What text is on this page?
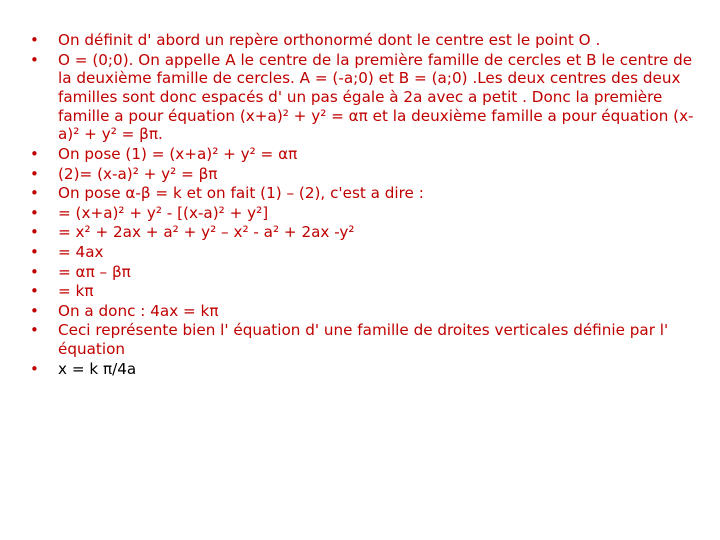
• On définit d' abord un repère orthonormé dont le centre est le point O .
• O = (0;0). On appelle A le centre de la première famille de cercles et B le centre de la deuxième famille de cercles. A = (-a;0) et B = (a;0) .Les deux centres des deux familles sont donc espacés d' un pas égale à 2a avec a petit . Donc la première famille a pour équation (x+a)² + y² = απ et la deuxième famille a pour équation (x-a)² + y² = βπ.
• On pose (1) = (x+a)² + y² = απ
• (2)= (x-a)² + y² = βπ
• On pose α-β = k et on fait (1) – (2), c'est a dire :
• = (x+a)² + y² - [(x-a)² + y²]
• = x² + 2ax + a² + y² – x² - a² + 2ax -y²
• = 4ax
• = απ – βπ
• = kπ
• On a donc : 4ax = kπ
• Ceci représente bien l' équation d' une famille de droites verticales définie par l' équation
• x = k π/4a
